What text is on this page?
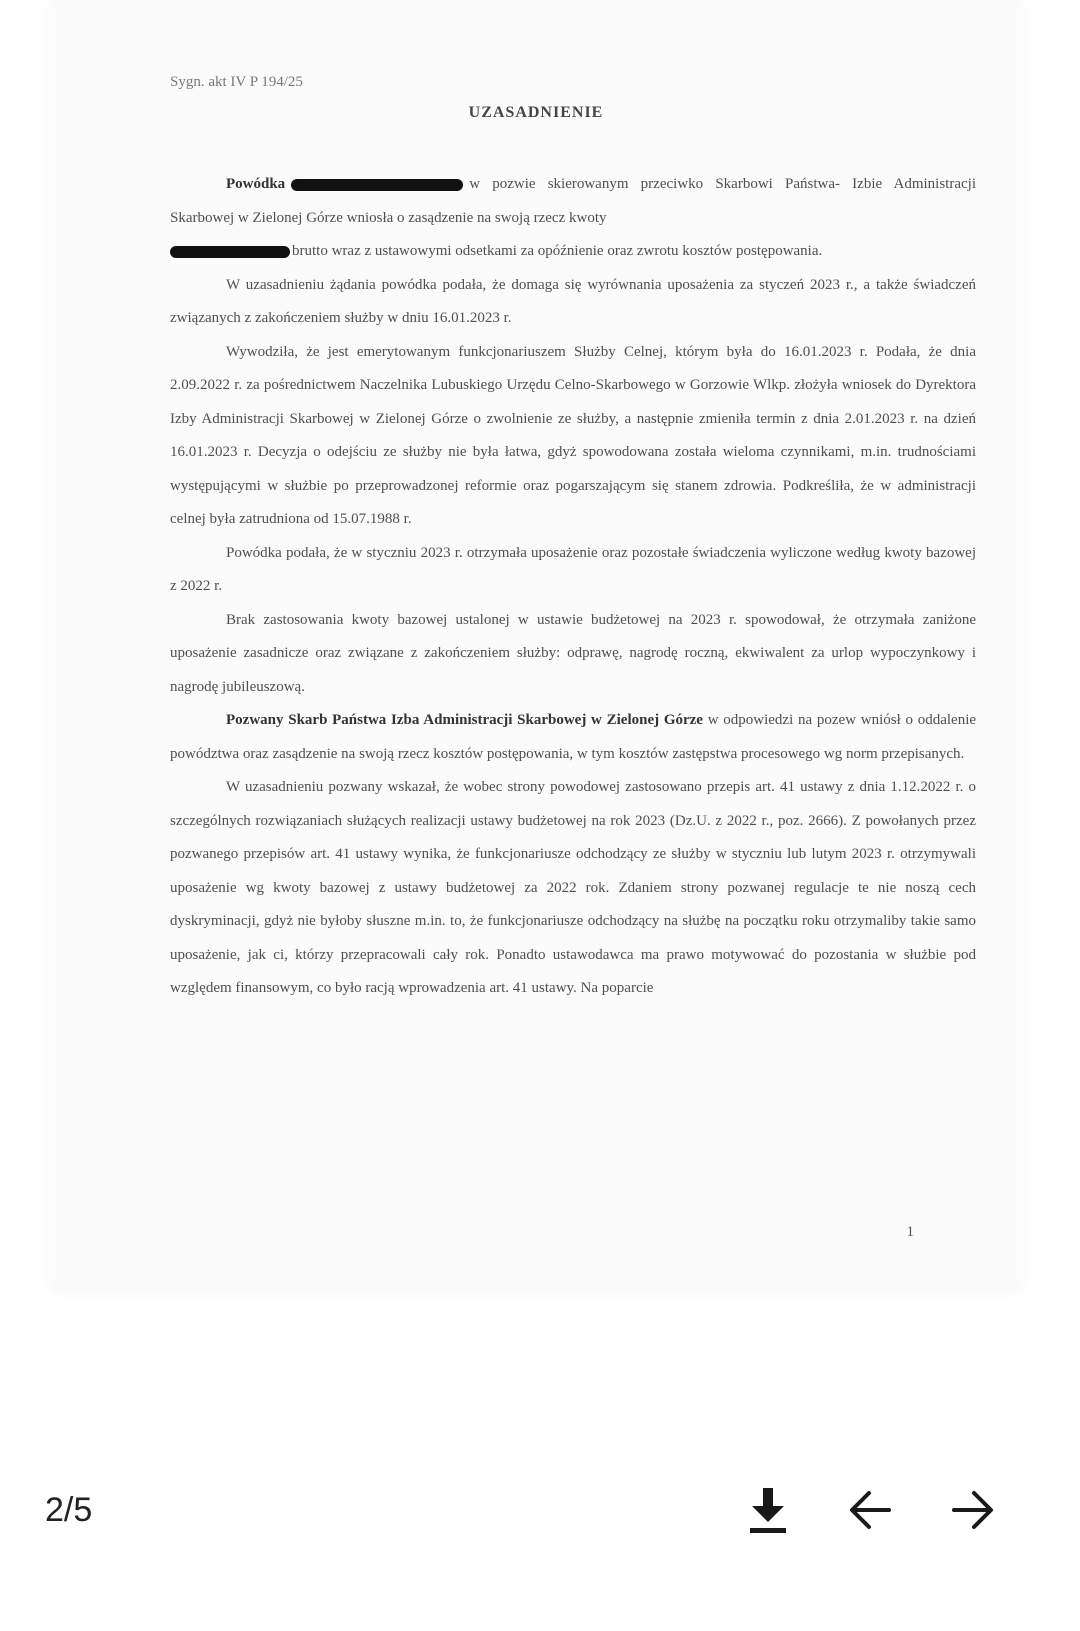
Sygn. akt IV P 194/25
UZASADNIENIE

Powódka	w pozwie skierowanym przeciwko Skarbowi Państwa- Izbie Administracji Skarbowej w Zielonej Górze wniosła o zasądzenie na swoją rzecz kwoty
brutto wraz z ustawowymi odsetkami za opóźnienie oraz zwrotu kosztów postępowania.

W uzasadnieniu żądania powódka podała, że domaga się wyrównania uposażenia za styczeń 2023 r., a także świadczeń związanych z zakończeniem służby w dniu 16.01.2023 r.

Wywodziła, że jest emerytowanym funkcjonariuszem Służby Celnej, którym była do 16.01.2023 r. Podała, że dnia 2.09.2022 r. za pośrednictwem Naczelnika Lubuskiego Urzędu Celno-Skarbowego w Gorzowie Wlkp. złożyła wniosek do Dyrektora Izby Administracji Skarbowej w Zielonej Górze o zwolnienie ze służby, a następnie zmieniła termin z dnia 2.01.2023 r. na dzień 16.01.2023 r. Decyzja o odejściu ze służby nie była łatwa, gdyż spowodowana została wieloma czynnikami, m.in. trudnościami występującymi w służbie po przeprowadzonej reformie oraz pogarszającym się stanem zdrowia. Podkreśliła, że w administracji celnej była zatrudniona od 15.07.1988 r.

Powódka podała, że w styczniu 2023 r. otrzymała uposażenie oraz pozostałe świadczenia wyliczone według kwoty bazowej z 2022 r.

Brak zastosowania kwoty bazowej ustalonej w ustawie budżetowej na 2023 r. spowodował, że otrzymała zaniżone uposażenie zasadnicze oraz związane z zakończeniem służby: odprawę, nagrodę roczną, ekwiwalent za urlop wypoczynkowy i nagrodę jubileuszową.

Pozwany Skarb Państwa Izba Administracji Skarbowej w Zielonej Górze w odpowiedzi na pozew wniósł o oddalenie powództwa oraz zasądzenie na swoją rzecz kosztów postępowania, w tym kosztów zastępstwa procesowego wg norm przepisanych.

W uzasadnieniu pozwany wskazał, że wobec strony powodowej zastosowano przepis art. 41 ustawy z dnia 1.12.2022 r. o szczególnych rozwiązaniach służących realizacji ustawy budżetowej na rok 2023 (Dz.U. z 2022 r., poz. 2666). Z powołanych przez pozwanego przepisów art. 41 ustawy wynika, że funkcjonariusze odchodzący ze służby w styczniu lub lutym 2023 r. otrzymywali uposażenie wg kwoty bazowej z ustawy budżetowej za 2022 rok. Zdaniem strony pozwanej regulacje te nie noszą cech dyskryminacji, gdyż nie byłoby słuszne m.in. to, że funkcjonariusze odchodzący na służbę na początku roku otrzymaliby takie samo uposażenie, jak ci, którzy przepracowali cały rok. Ponadto ustawodawca ma prawo motywować do pozostania w służbie pod względem finansowym, co było racją wprowadzenia art. 41 ustawy. Na poparcie

1
2/5
